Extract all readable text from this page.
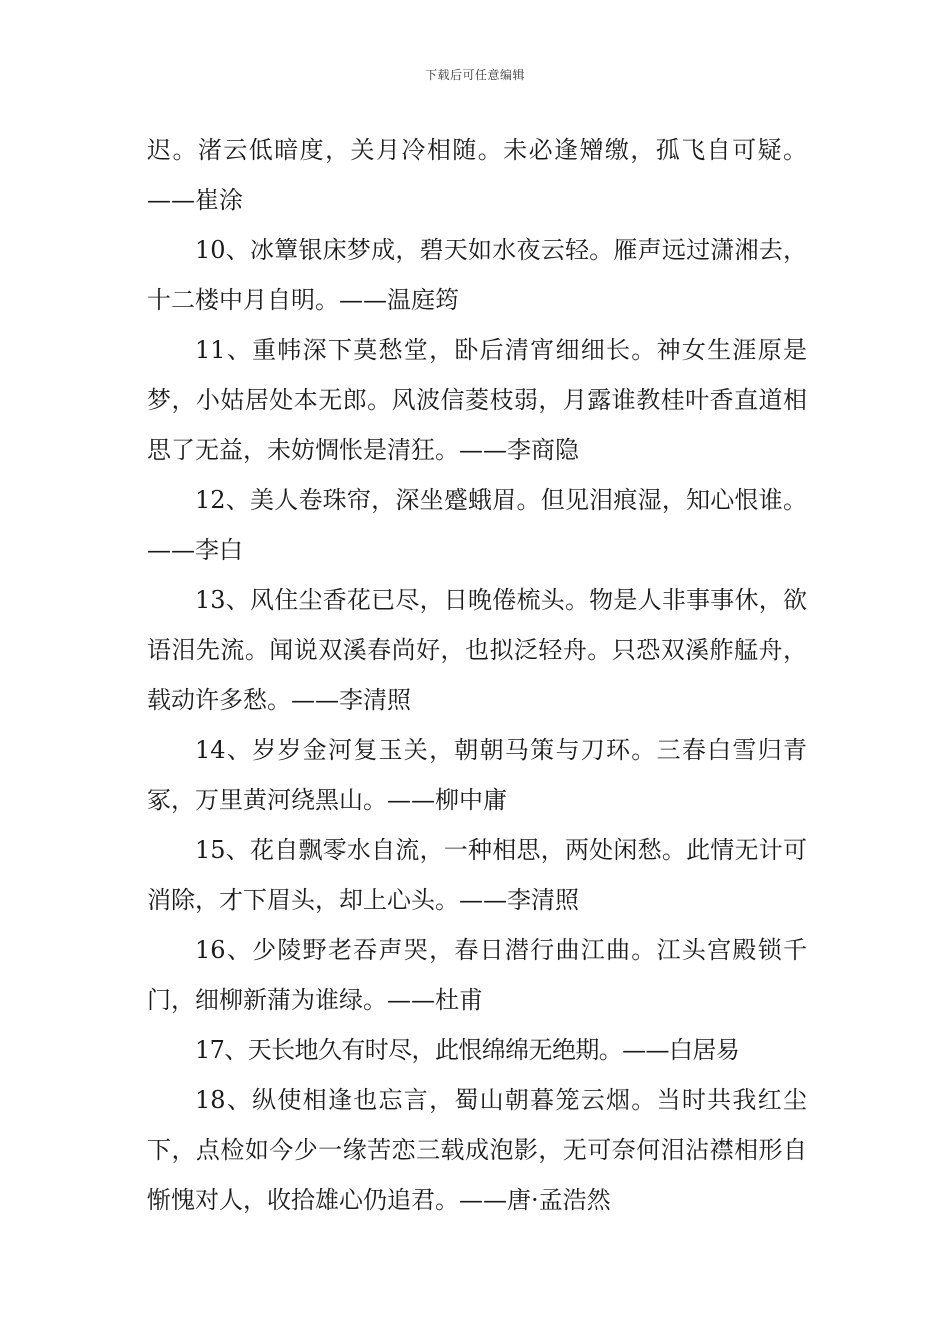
下载后可任意编辑

迟。渚云低暗度，关月冷相随。未必逢矰缴，孤飞自可疑。——崔涂

10、冰簟银床梦成，碧天如水夜云轻。雁声远过潇湘去，十二楼中月自明。——温庭筠

11、重帏深下莫愁堂，卧后清宵细细长。神女生涯原是梦，小姑居处本无郎。风波信菱枝弱，月露谁教桂叶香直道相思了无益，未妨惆怅是清狂。——李商隐

12、美人卷珠帘，深坐蹙蛾眉。但见泪痕湿，知心恨谁。——李白

13、风住尘香花已尽，日晚倦梳头。物是人非事事休，欲语泪先流。闻说双溪春尚好，也拟泛轻舟。只恐双溪舴艋舟，载动许多愁。——李清照

14、岁岁金河复玉关，朝朝马策与刀环。三春白雪归青冢，万里黄河绕黑山。——柳中庸

15、花自飘零水自流，一种相思，两处闲愁。此情无计可消除，才下眉头，却上心头。——李清照

16、少陵野老吞声哭，春日潜行曲江曲。江头宫殿锁千门，细柳新蒲为谁绿。——杜甫

17、天长地久有时尽，此恨绵绵无绝期。——白居易

18、纵使相逢也忘言，蜀山朝暮笼云烟。当时共我红尘下，点检如今少一缘苦恋三载成泡影，无可奈何泪沾襟相形自惭愧对人，收拾雄心仍追君。——唐·孟浩然
